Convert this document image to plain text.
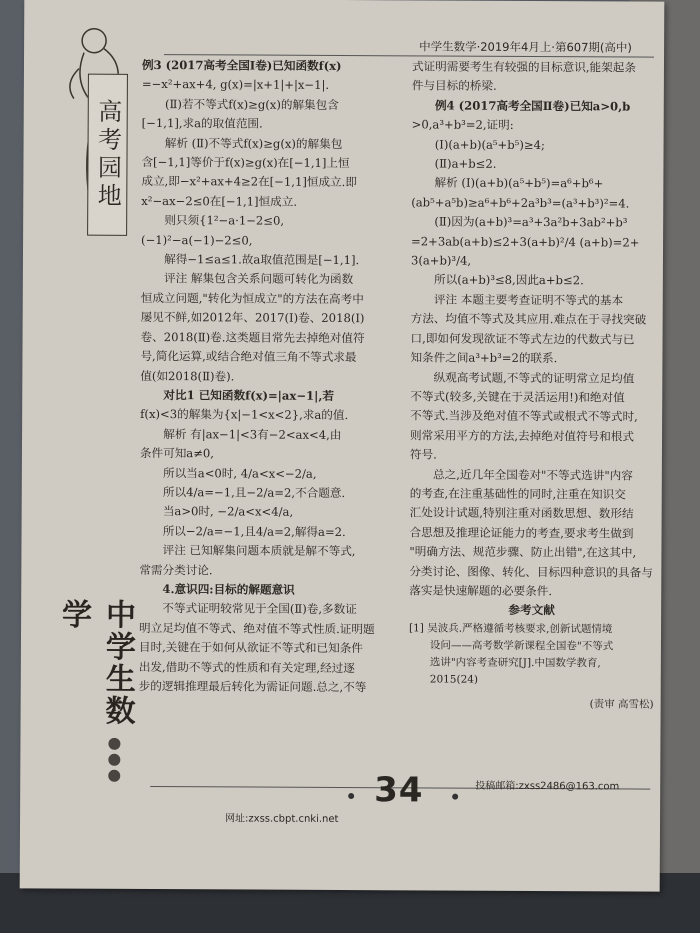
高考园地
中学生数学
中学生数学·2019年4月上·第607期(高中)

例3 (2017高考全国Ⅰ卷)已知函数f(x)

=−x²+ax+4, g(x)=|x+1|+|x−1|.

(Ⅱ)若不等式f(x)≥g(x)的解集包含

[−1,1],求a的取值范围.

解析 (Ⅱ)不等式f(x)≥g(x)的解集包

含[−1,1]等价于f(x)≥g(x)在[−1,1]上恒

成立,即−x²+ax+4≥2在[−1,1]恒成立.即

x²−ax−2≤0在[−1,1]恒成立.

则只须{1²−a·1−2≤0, (−1)²−a(−1)−2≤0,

解得−1≤a≤1.故a取值范围是[−1,1].

评注 解集包含关系问题可转化为函数

恒成立问题,"转化为恒成立"的方法在高考中

屡见不鲜,如2012年、2017(Ⅰ)卷、2018(Ⅰ)

卷、2018(Ⅱ)卷.这类题目常先去掉绝对值符

号,简化运算,或结合绝对值三角不等式求最

值(如2018(Ⅱ)卷).

对比1 已知函数f(x)=|ax−1|,若

f(x)<3的解集为{x|−1<x<2},求a的值.

解析 有|ax−1|<3有−2<ax<4,由

条件可知a≠0,

所以当a<0时, 4/a<x<−2/a,

所以4/a=−1,且−2/a=2,不合题意.

当a>0时, −2/a<x<4/a,

所以−2/a=−1,且4/a=2,解得a=2.

评注 已知解集问题本质就是解不等式,

常需分类讨论.

4.意识四:目标的解题意识

不等式证明较常见于全国(Ⅱ)卷,多数证

明立足均值不等式、绝对值不等式性质.证明题

目时,关键在于如何从欲证不等式和已知条件

出发,借助不等式的性质和有关定理,经过逐

步的逻辑推理最后转化为需证问题.总之,不等

式证明需要考生有较强的目标意识,能架起条

件与目标的桥梁.

例4 (2017高考全国Ⅱ卷)已知a>0,b

>0,a³+b³=2,证明:

(Ⅰ)(a+b)(a⁵+b⁵)≥4;

(Ⅱ)a+b≤2.

解析 (Ⅰ)(a+b)(a⁵+b⁵)=a⁶+b⁶+

(ab⁵+a⁵b)≥a⁶+b⁶+2a³b³=(a³+b³)²=4.

(Ⅱ)因为(a+b)³=a³+3a²b+3ab²+b³

=2+3ab(a+b)≤2+3(a+b)²/4 (a+b)=2+

3(a+b)³/4,

所以(a+b)³≤8,因此a+b≤2.

评注 本题主要考查证明不等式的基本

方法、均值不等式及其应用.难点在于寻找突破

口,即如何发现欲证不等式左边的代数式与已

知条件之间a³+b³=2的联系.

纵观高考试题,不等式的证明常立足均值

不等式(较多,关键在于灵活运用!)和绝对值

不等式.当涉及绝对值不等式或根式不等式时,

则常采用平方的方法,去掉绝对值符号和根式

符号.

总之,近几年全国卷对"不等式选讲"内容

的考查,在注重基础性的同时,注重在知识交

汇处设计试题,特别注重对函数思想、数形结

合思想及推理论证能力的考查,要求考生做到

"明确方法、规范步骤、防止出错",在这其中,

分类讨论、图像、转化、目标四种意识的具备与

落实是快速解题的必要条件.

参考文献

[1] 吴波兵.严格遵循考核要求,创新试题情境

设问——高考数学新课程全国卷"不等式

选讲"内容考查研究[J].中国数学教育,

2015(24)

(责审 高雪松)

网址:zxss.cbpt.cnki.net
34	投稿邮箱:zxss2486@163.com
